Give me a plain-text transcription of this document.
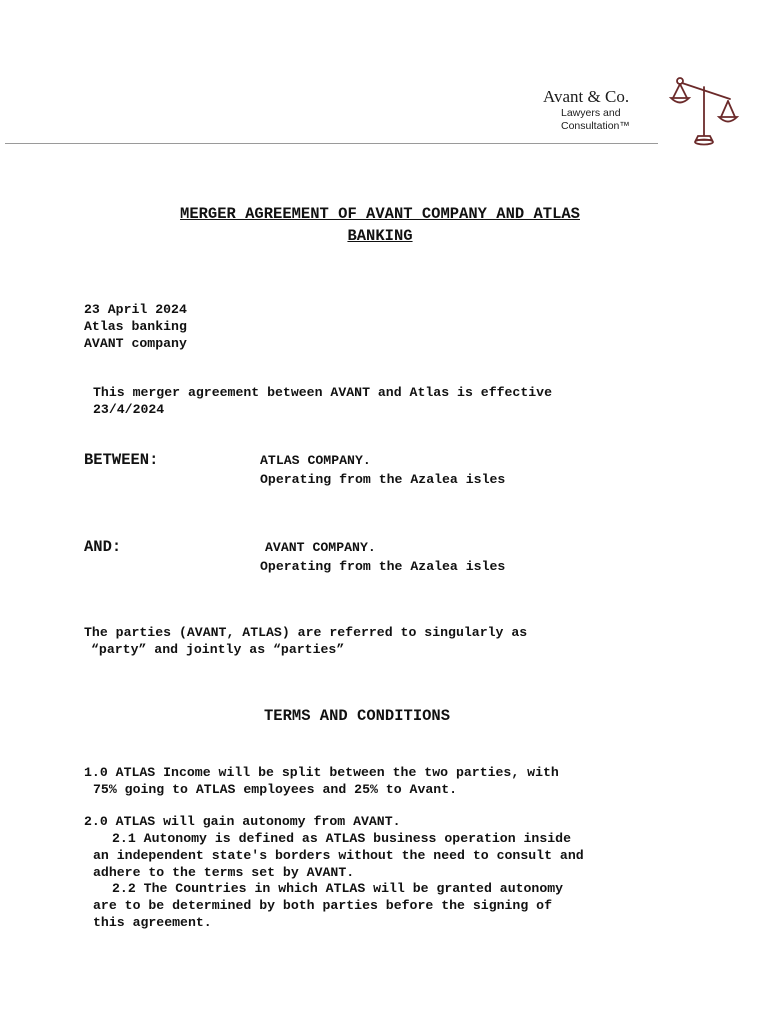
Avant & Co.
Lawyers and
Consultation™
MERGER AGREEMENT OF AVANT COMPANY AND ATLAS
BANKING
23 April 2024
Atlas banking
AVANT company
This merger agreement between AVANT and Atlas is effective
23/4/2024
BETWEEN:	ATLAS COMPANY.
Operating from the Azalea isles
AND:	AVANT COMPANY.
Operating from the Azalea isles
The parties (AVANT, ATLAS) are referred to singularly as
“party” and jointly as “parties”
TERMS AND CONDITIONS
1.0 ATLAS Income will be split between the two parties, with
75% going to ATLAS employees and 25% to Avant.
2.0 ATLAS will gain autonomy from AVANT.
2.1 Autonomy is defined as ATLAS business operation inside
an independent state's borders without the need to consult and
adhere to the terms set by AVANT.
2.2 The Countries in which ATLAS will be granted autonomy
are to be determined by both parties before the signing of
this agreement.
